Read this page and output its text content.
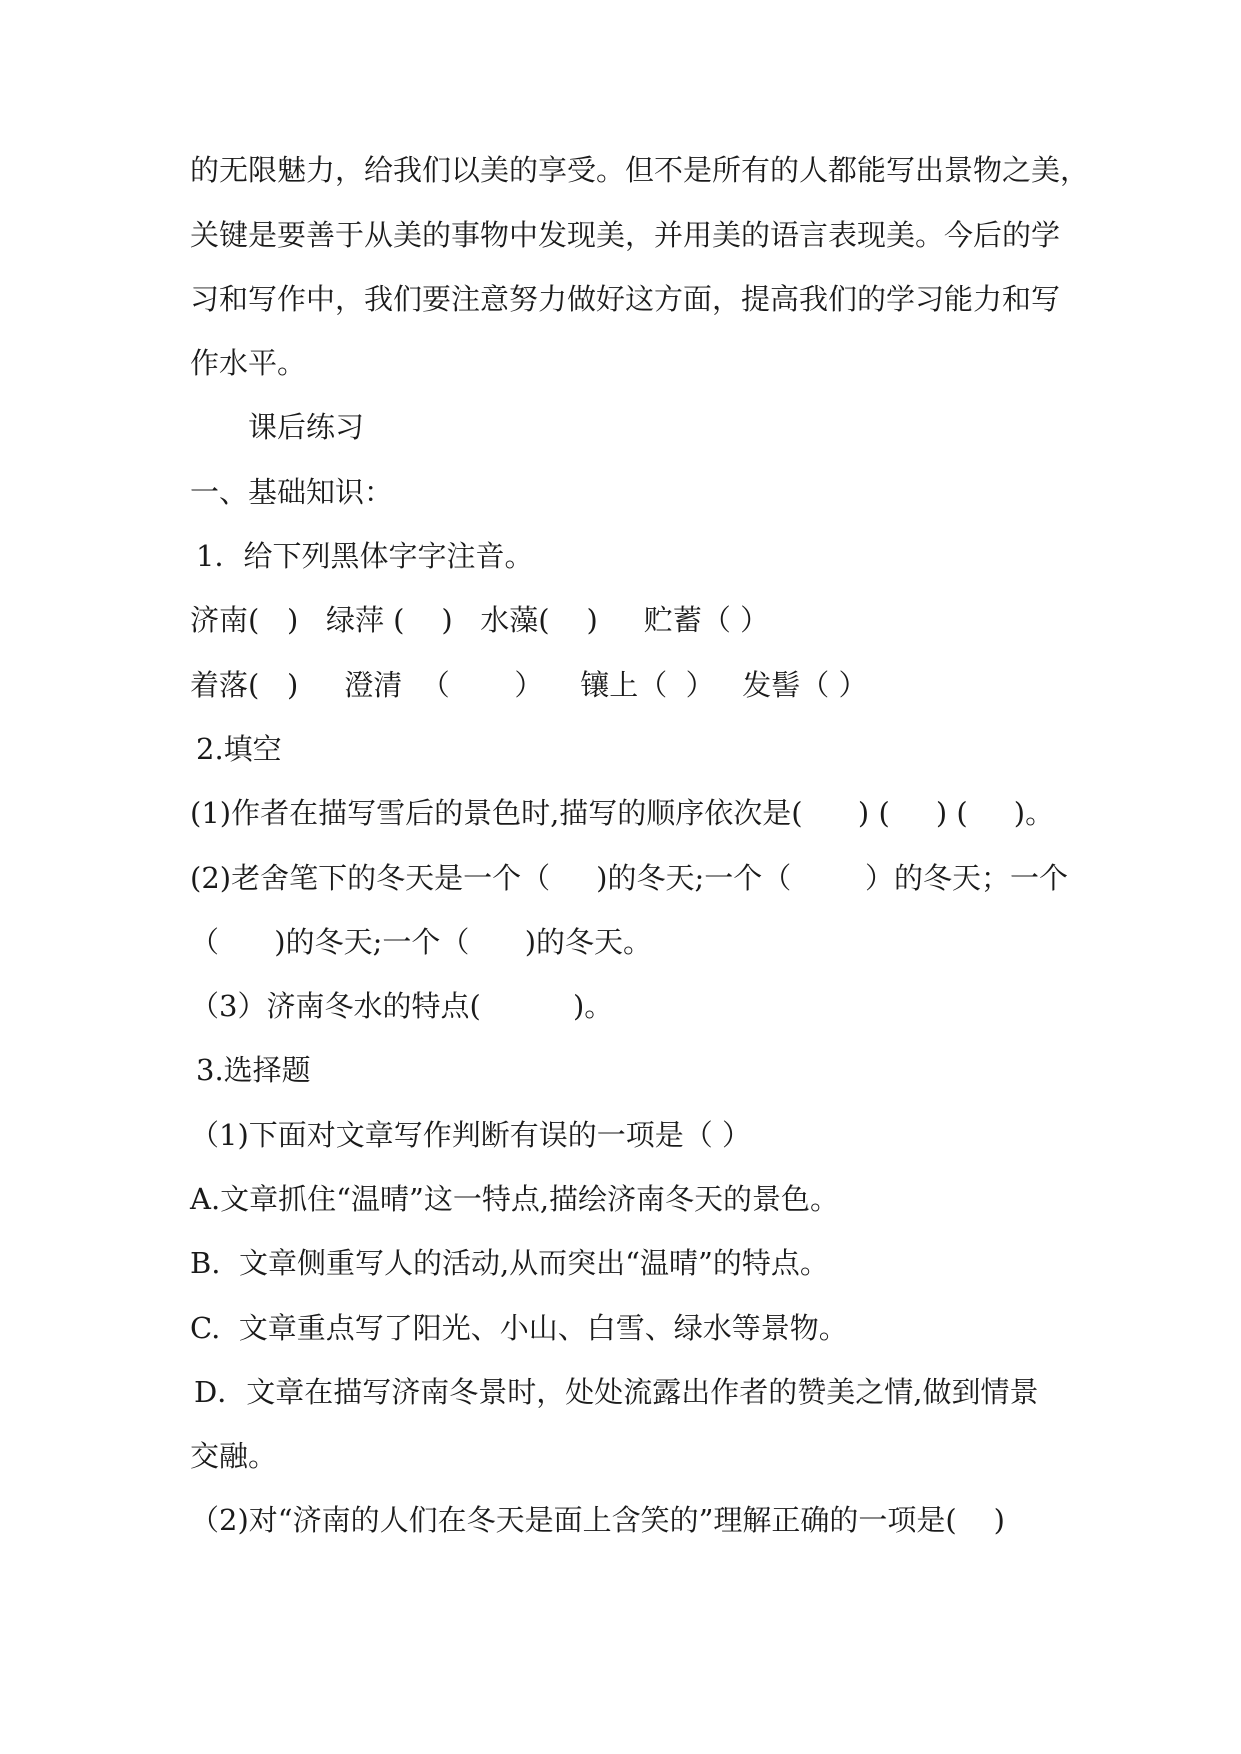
的无限魅力，给我们以美的享受。但不是所有的人都能写出景物之美，
关键是要善于从美的事物中发现美，并用美的语言表现美。今后的学
习和写作中，我们要注意努力做好这方面，提高我们的学习能力和写
作水平。
课后练习
一、基础知识：
1．给下列黑体字字注音。
济南(   )   绿萍 (    )   水藻(    )     贮蓄（ ）
着落(   )     澄清  （       ）    镶上（  ）   发髻（ ）
2.填空
(1)作者在描写雪后的景色时,描写的顺序依次是(      ) (     ) (     )。
(2)老舍笔下的冬天是一个（     )的冬天;一个（        ）的冬天；一个
（      )的冬天;一个（      )的冬天。
（3）济南冬水的特点(          )。
3.选择题
（1)下面对文章写作判断有误的一项是（ ）
A.文章抓住“温晴”这一特点,描绘济南冬天的景色。
B.  文章侧重写人的活动,从而突出“温晴”的特点。
C.  文章重点写了阳光、小山、白雪、绿水等景物。
D．文章在描写济南冬景时，处处流露出作者的赞美之情,做到情景
交融。
（2)对“济南的人们在冬天是面上含笑的”理解正确的一项是(    )
